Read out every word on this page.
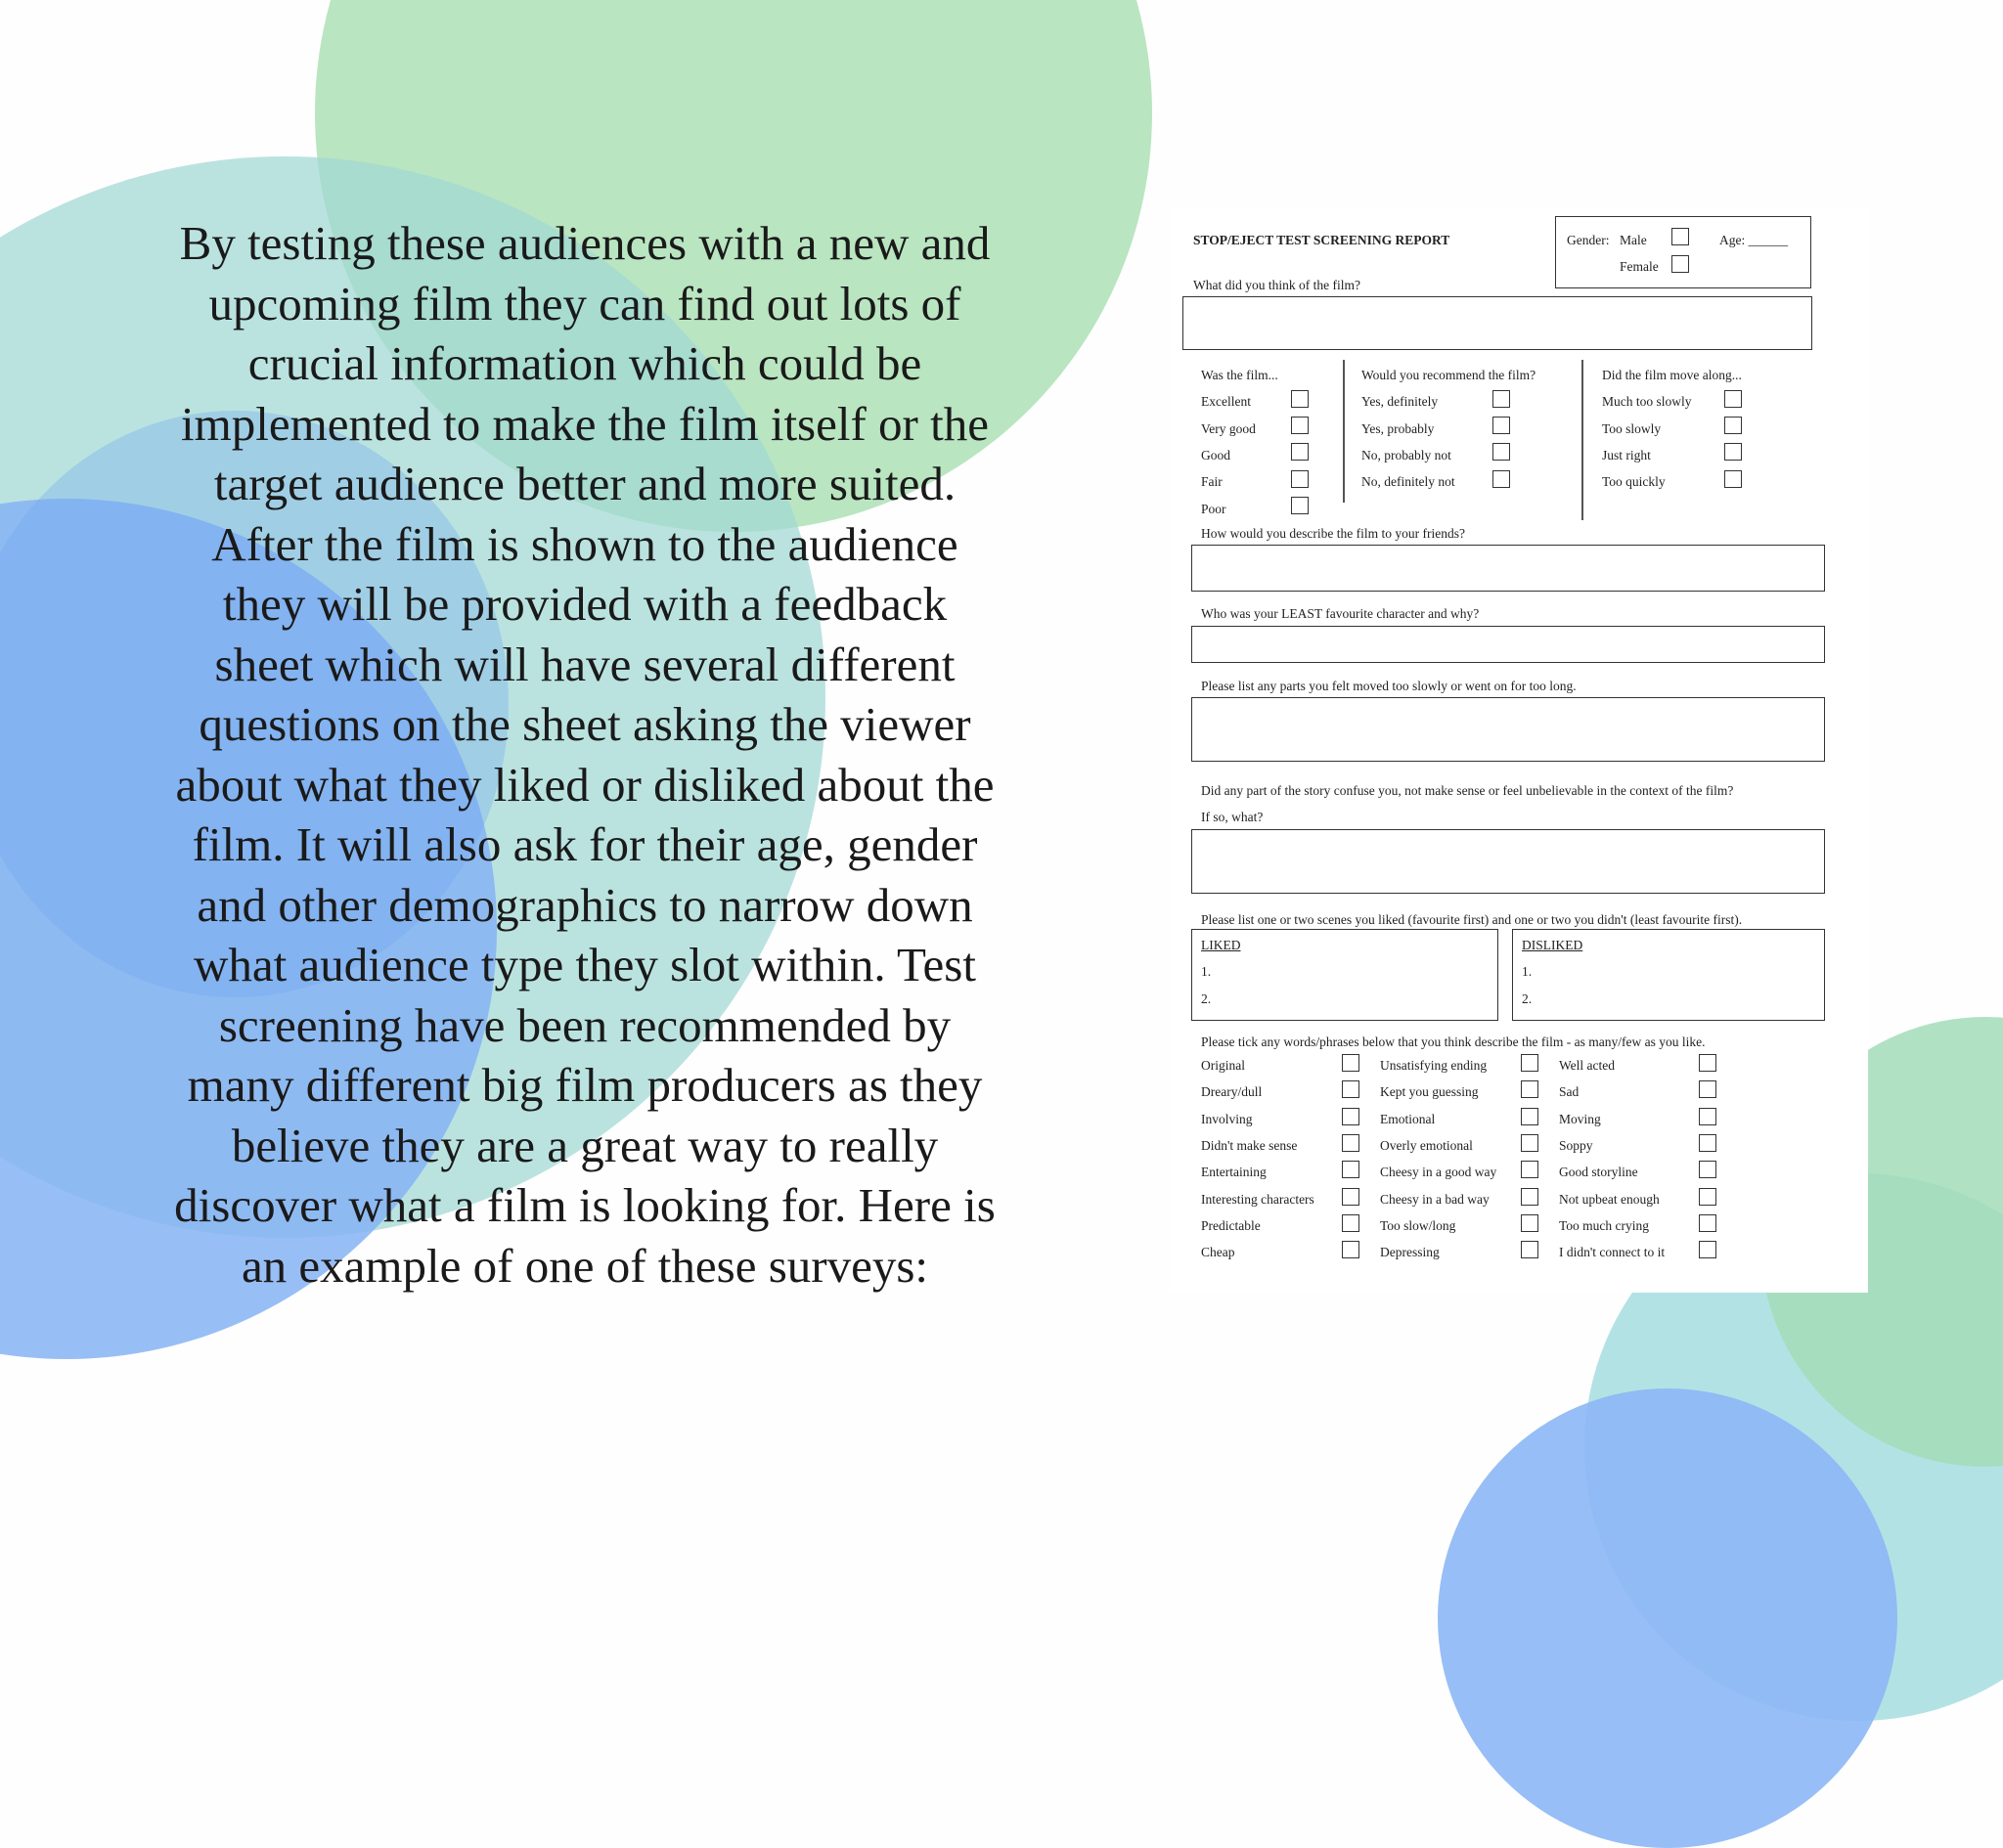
By testing these audiences with a new and upcoming film they can find out lots of crucial information which could be implemented to make the film itself or the target audience better and more suited. After the film is shown to the audience they will be provided with a feedback sheet which will have several different questions on the sheet asking the viewer about what they liked or disliked about the film. It will also ask for their age, gender and other demographics to narrow down what audience type they slot within. Test screening have been recommended by many different big film producers as they believe they are a great way to really discover what a film is looking for. Here is an example of one of these surveys:
STOP/EJECT TEST SCREENING REPORT	Gender: Male
Female
Age: ______
What did you think of the film?
Was the film...
Excellent
Very good
Good
Fair
Poor
Would you recommend the film?
Yes, definitely
Yes, probably
No, probably not
No, definitely not
Did the film move along...
Much too slowly
Too slowly
Just right
Too quickly
How would you describe the film to your friends?
Who was your LEAST favourite character and why?
Please list any parts you felt moved too slowly or went on for too long.
Did any part of the story confuse you, not make sense or feel unbelievable in the context of the film?
If so, what?
Please list one or two scenes you liked (favourite first) and one or two you didn't (least favourite first).
LIKED
1.
2.
DISLIKED
1.
2.
Please tick any words/phrases below that you think describe the film - as many/few as you like.
Original
Dreary/dull
Involving
Didn't make sense
Entertaining
Interesting characters
Predictable
Cheap
Unsatisfying ending
Kept you guessing
Emotional
Overly emotional
Cheesy in a good way
Cheesy in a bad way
Too slow/long
Depressing
Well acted
Sad
Moving
Soppy
Good storyline
Not upbeat enough
Too much crying
I didn't connect to it
